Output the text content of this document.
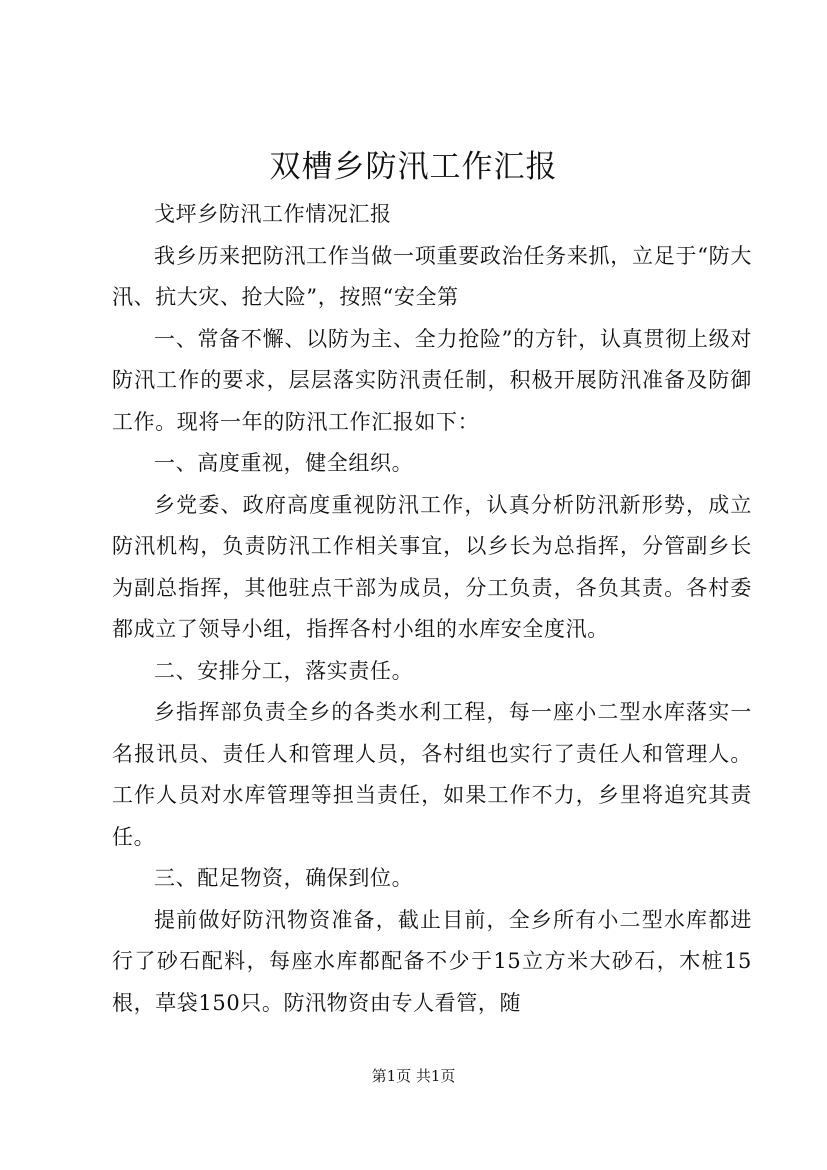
双槽乡防汛工作汇报

戈坪乡防汛工作情况汇报

我乡历来把防汛工作当做一项重要政治任务来抓，立足于“防大汛、抗大灾、抢大险”，按照“安全第

一、常备不懈、以防为主、全力抢险”的方针，认真贯彻上级对防汛工作的要求，层层落实防汛责任制，积极开展防汛准备及防御工作。现将一年的防汛工作汇报如下：

一、高度重视，健全组织。

乡党委、政府高度重视防汛工作，认真分析防汛新形势，成立防汛机构，负责防汛工作相关事宜，以乡长为总指挥，分管副乡长为副总指挥，其他驻点干部为成员，分工负责，各负其责。各村委都成立了领导小组，指挥各村小组的水库安全度汛。

二、安排分工，落实责任。

乡指挥部负责全乡的各类水利工程，每一座小二型水库落实一名报讯员、责任人和管理人员，各村组也实行了责任人和管理人。工作人员对水库管理等担当责任，如果工作不力，乡里将追究其责任。

三、配足物资，确保到位。

提前做好防汛物资准备，截止目前，全乡所有小二型水库都进行了砂石配料，每座水库都配备不少于15立方米大砂石，木桩15根，草袋150只。防汛物资由专人看管，随

第1页 共1页
